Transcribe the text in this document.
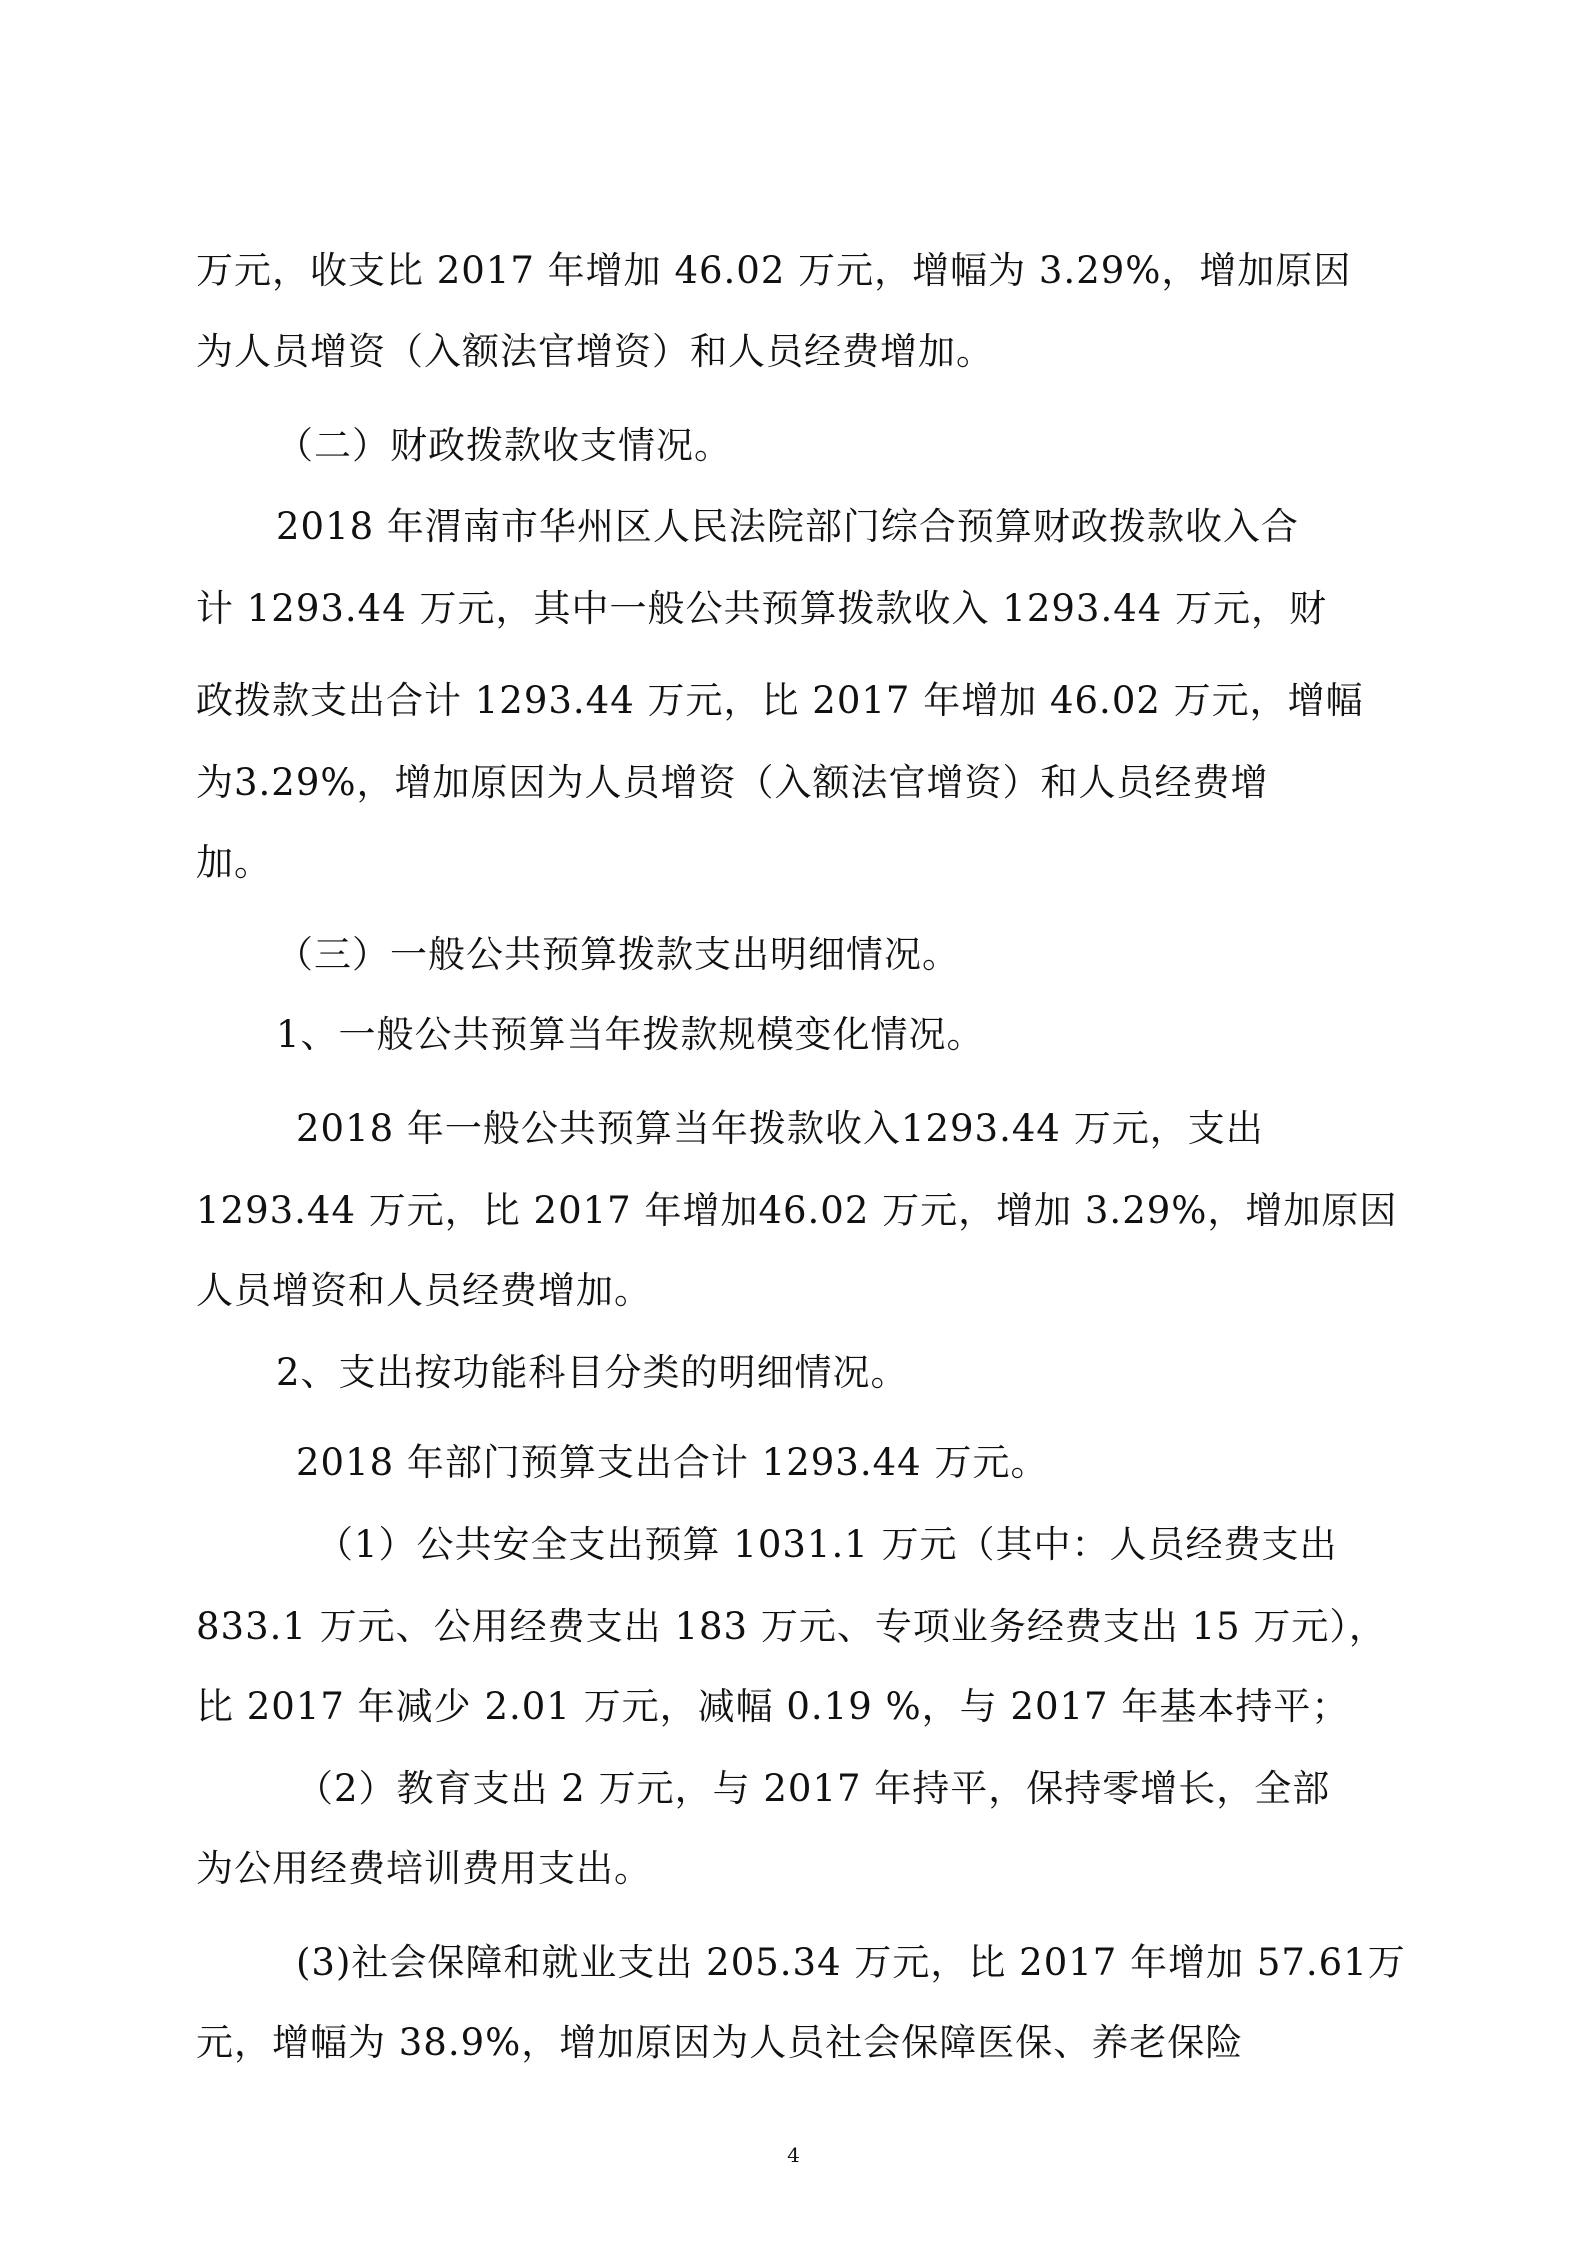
万元，收支比 2017 年增加 46.02 万元，增幅为 3.29%，增加原因
为人员增资（入额法官增资）和人员经费增加。
（二）财政拨款收支情况。
2018 年渭南市华州区人民法院部门综合预算财政拨款收入合
计 1293.44 万元，其中一般公共预算拨款收入 1293.44 万元，财
政拨款支出合计 1293.44 万元，比 2017 年增加 46.02 万元，增幅
为3.29%，增加原因为人员增资（入额法官增资）和人员经费增
加。
（三）一般公共预算拨款支出明细情况。
1、一般公共预算当年拨款规模变化情况。
2018 年一般公共预算当年拨款收入1293.44 万元，支出
1293.44 万元，比 2017 年增加46.02 万元，增加 3.29%，增加原因
人员增资和人员经费增加。
2、支出按功能科目分类的明细情况。
2018 年部门预算支出合计 1293.44 万元。
（1）公共安全支出预算 1031.1 万元（其中：人员经费支出
833.1 万元、公用经费支出 183 万元、专项业务经费支出 15 万元），
比 2017 年减少 2.01 万元，减幅 0.19 %，与 2017 年基本持平；
（2）教育支出 2 万元，与 2017 年持平，保持零增长，全部
为公用经费培训费用支出。
(3)社会保障和就业支出 205.34 万元，比 2017 年增加 57.61万
元，增幅为 38.9%，增加原因为人员社会保障医保、养老保险
4
